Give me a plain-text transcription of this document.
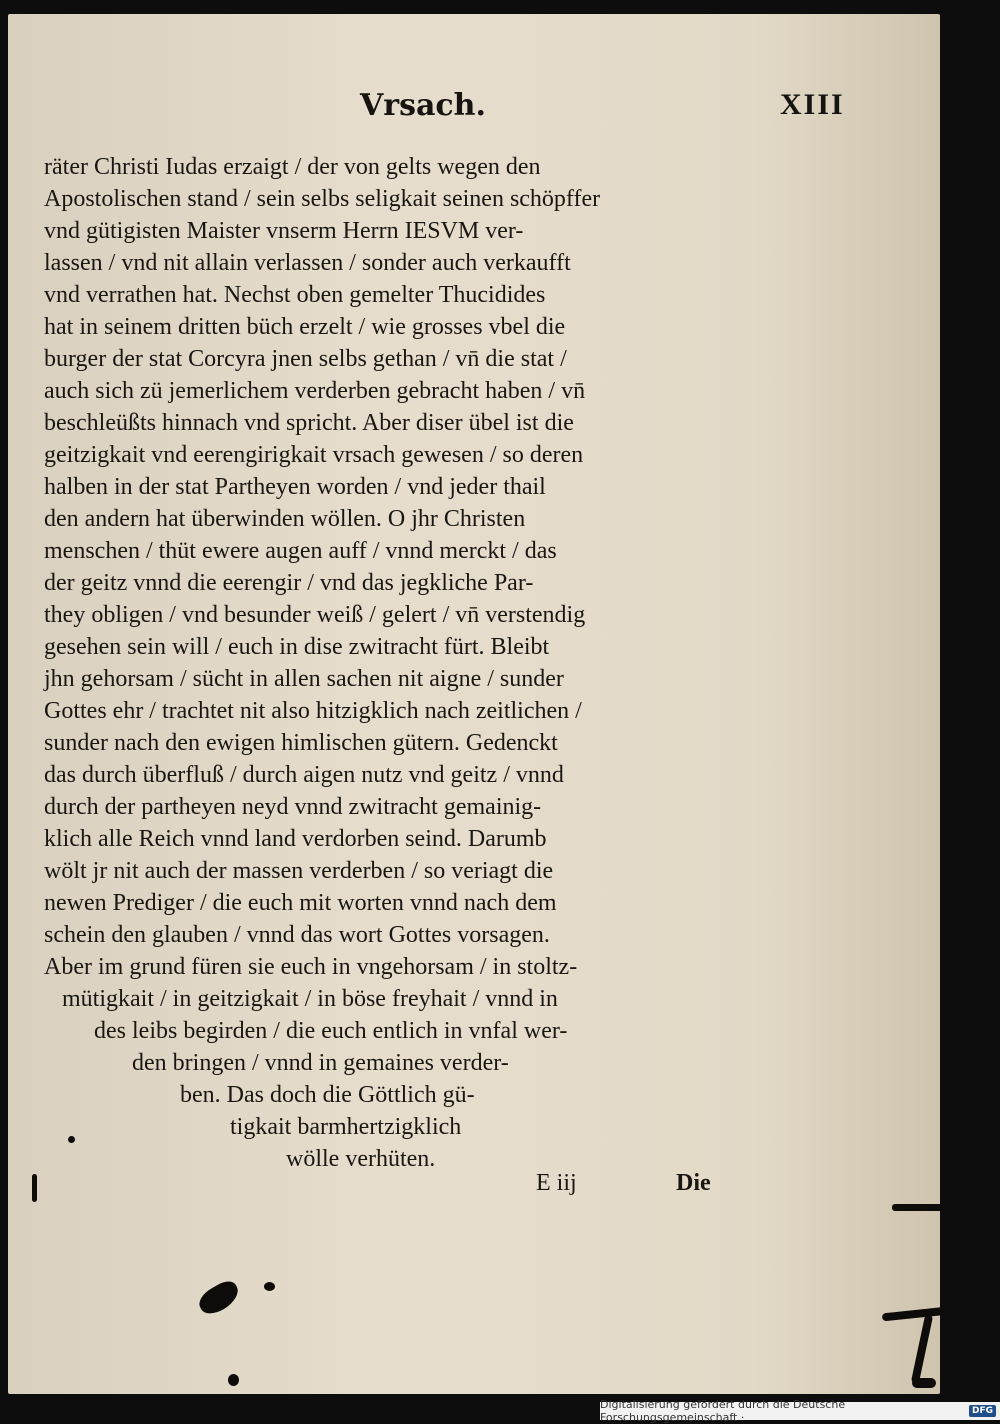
Vrsach.	XIII
räter Christi Iudas erzaigt / der von gelts wegen den
Apostolischen stand / sein selbs seligkait seinen schöpffer
vnd gütigisten Maister vnserm Herrn IESVM ver-
lassen / vnd nit allain verlassen / sonder auch verkaufft
vnd verrathen hat. Nechst oben gemelter Thucidides
hat in seinem dritten büch erzelt / wie grosses vbel die
burger der stat Corcyra jnen selbs gethan / vn̄ die stat /
auch sich zü jemerlichem verderben gebracht haben / vn̄
beschleüßts hinnach vnd spricht. Aber diser übel ist die
geitzigkait vnd eerengirigkait vrsach gewesen / so deren
halben in der stat Partheyen worden / vnd jeder thail
den andern hat überwinden wöllen. O jhr Christen
menschen / thüt ewere augen auff / vnnd merckt / das
der geitz vnnd die eerengir / vnd das jegkliche Par-
they obligen / vnd besunder weiß / gelert / vn̄ verstendig
gesehen sein will / euch in dise zwitracht fürt. Bleibt
jhn gehorsam / sücht in allen sachen nit aigne / sunder
Gottes ehr / trachtet nit also hitzigklich nach zeitlichen /
sunder nach den ewigen himlischen gütern. Gedenckt
das durch überfluß / durch aigen nutz vnd geitz / vnnd
durch der partheyen neyd vnnd zwitracht gemainig-
klich alle Reich vnnd land verdorben seind. Darumb
wölt jr nit auch der massen verderben / so veriagt die
newen Prediger / die euch mit worten vnnd nach dem
schein den glauben / vnnd das wort Gottes vorsagen.
Aber im grund füren sie euch in vngehorsam / in stoltz-
mütigkait / in geitzigkait / in böse freyhait / vnnd in
des leibs begirden / die euch entlich in vnfal wer-
den bringen / vnnd in gemaines verder-
ben. Das doch die Göttlich gü-
tigkait barmhertzigklich
wölle verhüten.
E iij	Die
Digitalisierung gefördert durch die Deutsche Forschungsgemeinschaft ·	DFG
